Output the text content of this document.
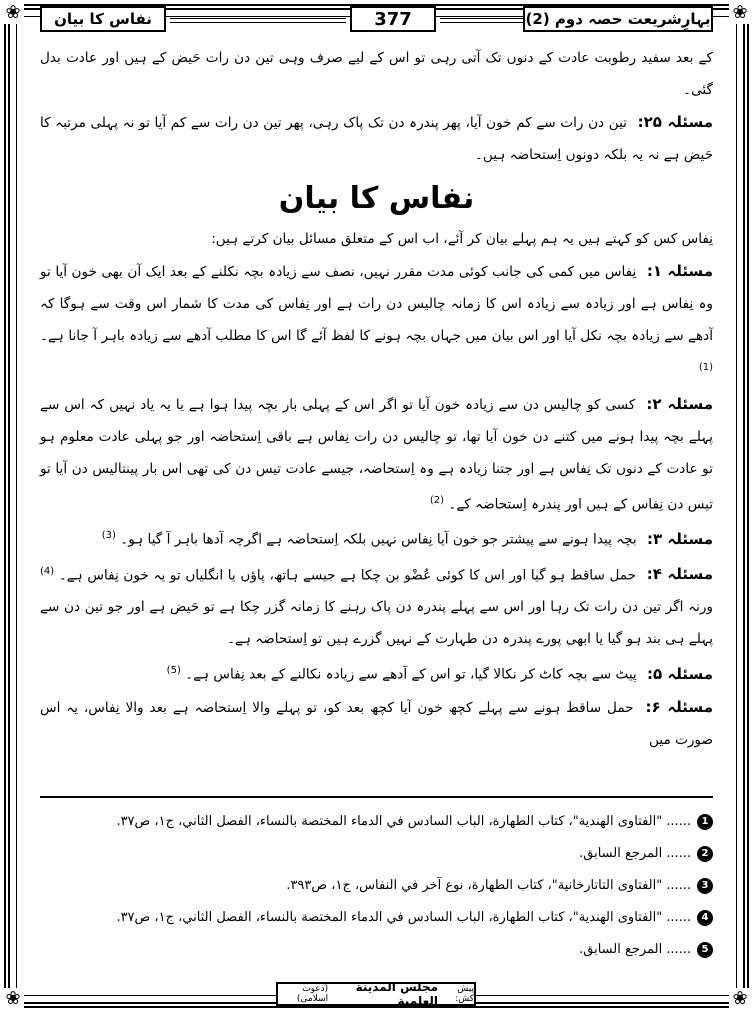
❀	❀
❀	❀
بہارِشریعت حصہ دوم (2)
377
نفاس کا بیان

کے بعد سفید رطوبت عادت کے دنوں تک آتی رہی تو اس کے لیے صرف وہی تین دن رات حَیض کے ہیں اور عادت بدل گئی۔

مسئلہ ۲۵: تین دن رات سے کم خون آیا، پھر پندرہ دن تک پاک رہی، پھر تین دن رات سے کم آیا تو نہ پہلی مرتبہ کا حَیض ہے نہ یہ بلکہ دونوں اِستحاضہ ہیں۔

نفاس کا بیان

نِفاس کس کو کہتے ہیں یہ ہم پہلے بیان کر آئے، اب اس کے متعلق مسائل بیان کرتے ہیں:

مسئلہ ۱: نِفاس میں کمی کی جانب کوئی مدت مقرر نہیں، نصف سے زیادہ بچہ نکلنے کے بعد ایک آن بھی خون آیا تو وہ نِفاس ہے اور زیادہ سے زیادہ اس کا زمانہ چالیس دن رات ہے اور نِفاس کی مدت کا شمار اس وقت سے ہوگا کہ آدھے سے زیادہ بچہ نکل آیا اور اس بیان میں جہاں بچہ ہونے کا لفظ آئے گا اس کا مطلب آدھے سے زیادہ باہر آ جانا ہے۔ $^{(1)}$

مسئلہ ۲: کسی کو چالیس دن سے زیادہ خون آیا تو اگر اس کے پہلی بار بچہ پیدا ہوا ہے یا یہ یاد نہیں کہ اس سے پہلے بچہ پیدا ہونے میں کتنے دن خون آیا تھا، تو چالیس دن رات نِفاس ہے باقی اِستحاضہ اور جو پہلی عادت معلوم ہو تو عادت کے دنوں تک نِفاس ہے اور جتنا زیادہ ہے وہ اِستحاضہ، جیسے عادت تیس دن کی تھی اس بار پینتالیس دن آیا تو تیس دن نِفاس کے ہیں اور پندرہ اِستحاضہ کے۔ $^{(2)}$

مسئلہ ۳: بچہ پیدا ہونے سے پیشتر جو خون آیا نِفاس نہیں بلکہ اِستحاضہ ہے اگرچہ آدھا باہر آ گیا ہو۔ $^{(3)}$

مسئلہ ۴: حمل ساقط ہو گیا اور اس کا کوئی عُضْو بن چکا ہے جیسے ہاتھ، پاؤں یا انگلیاں تو یہ خون نِفاس ہے۔ $^{(4)}$ ورنہ اگر تین دن رات تک رہا اور اس سے پہلے پندرہ دن پاک رہنے کا زمانہ گزر چکا ہے تو حَیض ہے اور جو تین دن سے پہلے ہی بند ہو گیا یا ابھی پورے پندرہ دن طہارت کے نہیں گزرے ہیں تو اِستحاضہ ہے۔

مسئلہ ۵: پیٹ سے بچہ کاٹ کر نکالا گیا، تو اس کے آدھے سے زیادہ نکالنے کے بعد نِفاس ہے۔ $^{(5)}$

مسئلہ ۶: حمل ساقط ہونے سے پہلے کچھ خون آیا کچھ بعد کو، تو پہلے والا اِستحاضہ ہے بعد والا نِفاس، یہ اس صورت میں

1
......
"الفتاوى الهندية"، كتاب الطهارة، الباب السادس في الدماء المختصة بالنساء، الفصل الثاني، ج١، ص٣٧.
2
......
المرجع السابق.
3
......
"الفتاوى التاتارخانية"، كتاب الطهارة، نوع آخر في النفاس، ج١، ص٣٩٣.
4
......
"الفتاوى الهندية"، كتاب الطهارة، الباب السادس في الدماء المختصة بالنساء، الفصل الثاني، ج١، ص٣٧.
5
......
المرجع السابق.
پیش کش:
مجلس المدینة العلمیة
(دعوت اسلامی)
